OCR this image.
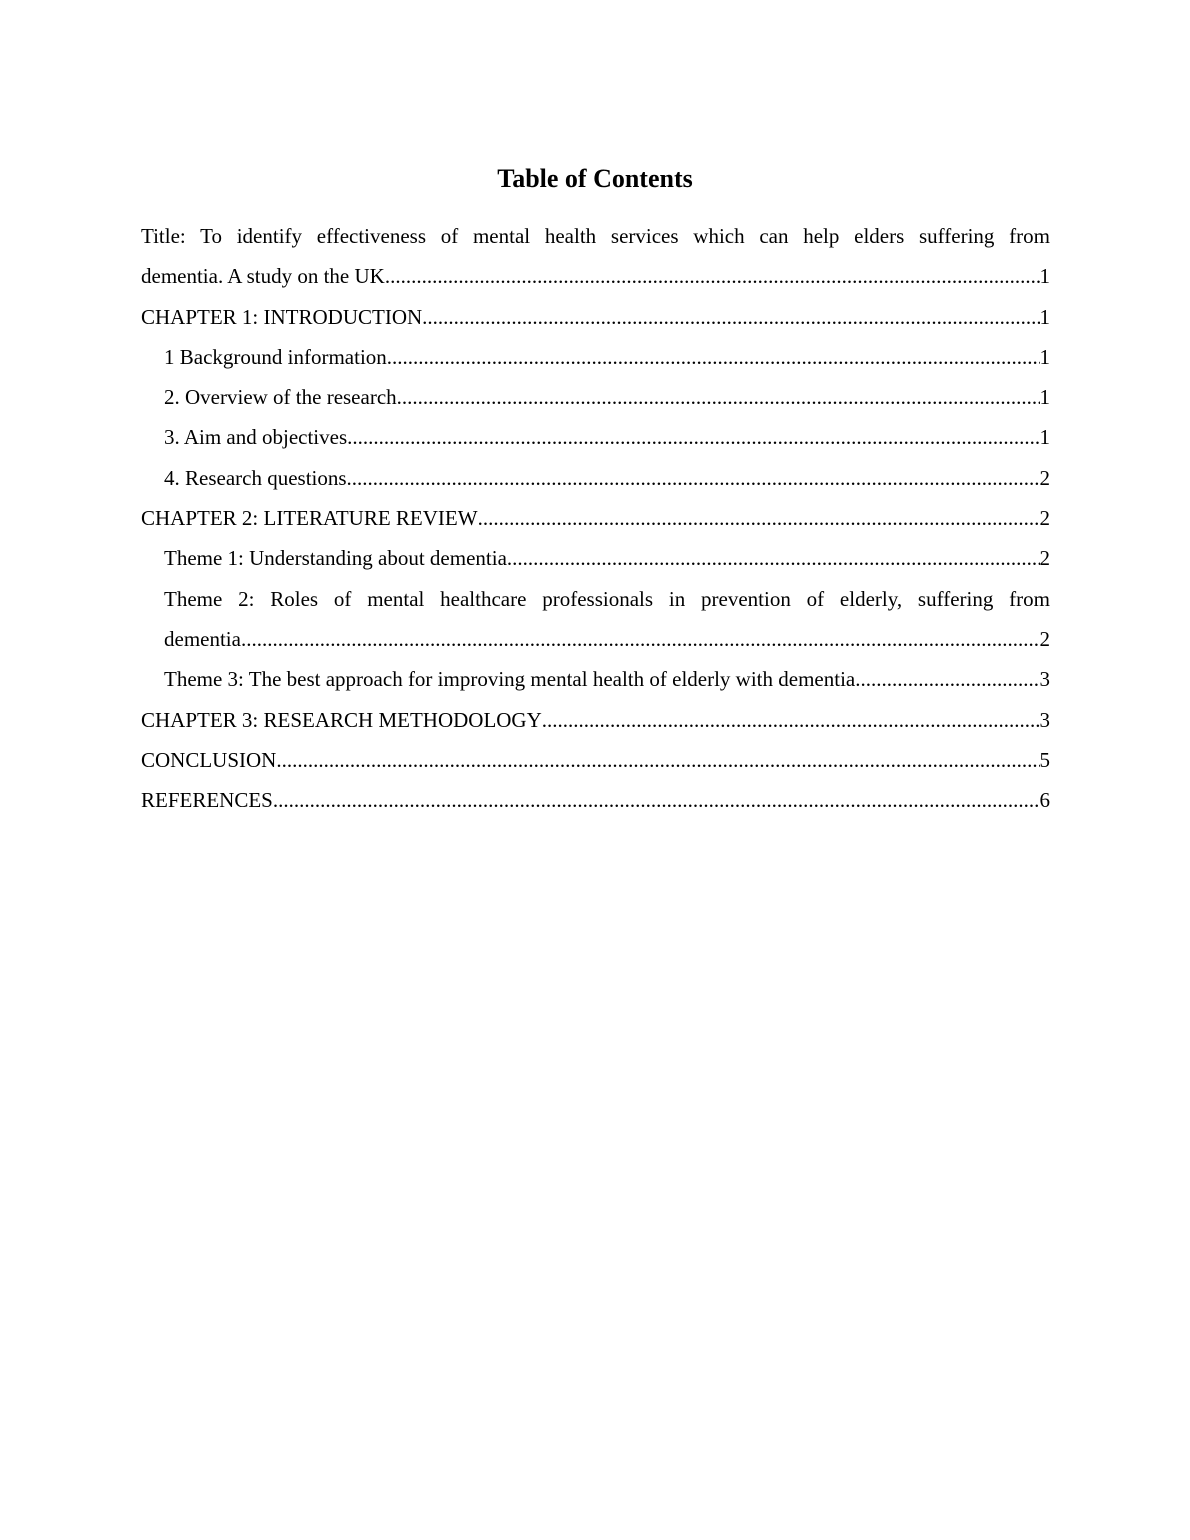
Table of Contents
Title: To identify effectiveness of mental health services which can help elders suffering from
dementia. A study on the UK .....	1
CHAPTER 1: INTRODUCTION .....	1
1 Background information .....	1
2. Overview of the research .....	1
3. Aim and objectives .....	1
4. Research questions .....	2
CHAPTER 2: LITERATURE REVIEW .....	2
Theme 1: Understanding about dementia .....	2
Theme 2: Roles of mental healthcare professionals in prevention of elderly, suffering from
dementia .....	2
Theme 3: The best approach for improving mental health of elderly with dementia .....	3
CHAPTER 3: RESEARCH METHODOLOGY .....	3
CONCLUSION .....	5
REFERENCES .....	6
